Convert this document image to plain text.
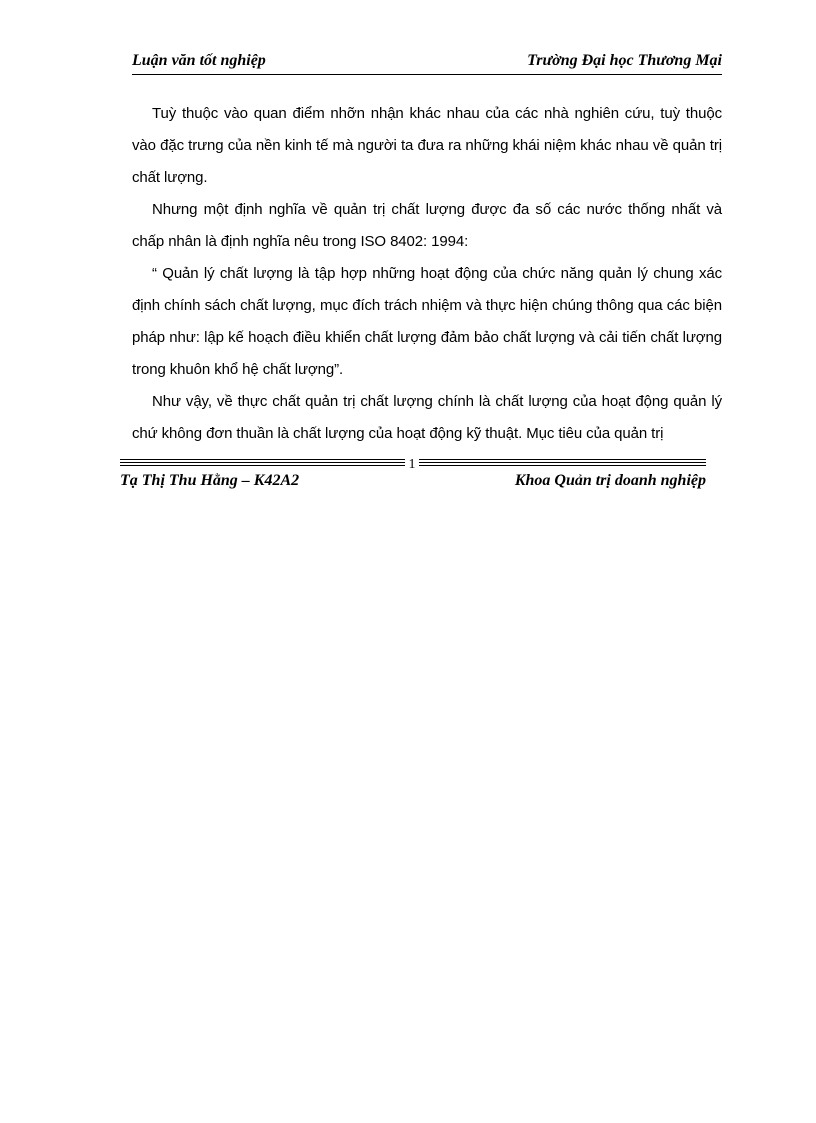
Luận văn tốt nghiệp	Trường Đại học Thương Mại

Tuỳ thuộc vào quan điểm nhỡn nhận khác nhau của các nhà nghiên cứu, tuỳ thuộc vào đặc trưng của nền kinh tế mà người ta đưa ra những khái niệm khác nhau về quản trị chất lượng.

Nhưng một định nghĩa về quản trị chất lượng được đa số các nước thống nhất và chấp nhân là định nghĩa nêu trong ISO 8402: 1994:

“ Quản lý chất lượng là tập hợp những hoạt động của chức năng quản lý chung xác định chính sách chất lượng, mục đích trách nhiệm và thực hiện chúng thông qua các biện pháp như: lập kế hoạch điều khiển chất lượng đảm bảo chất lượng và cải tiến chất lượng trong khuôn khổ hệ chất lượng”.

Như vậy, về thực chất quản trị chất lượng chính là chất lượng của hoạt động quản lý chứ không đơn thuần là chất lượng của hoạt động kỹ thuật. Mục tiêu của quản trị

1
Tạ Thị Thu Hằng – K42A2	Khoa Quản trị doanh nghiệp
